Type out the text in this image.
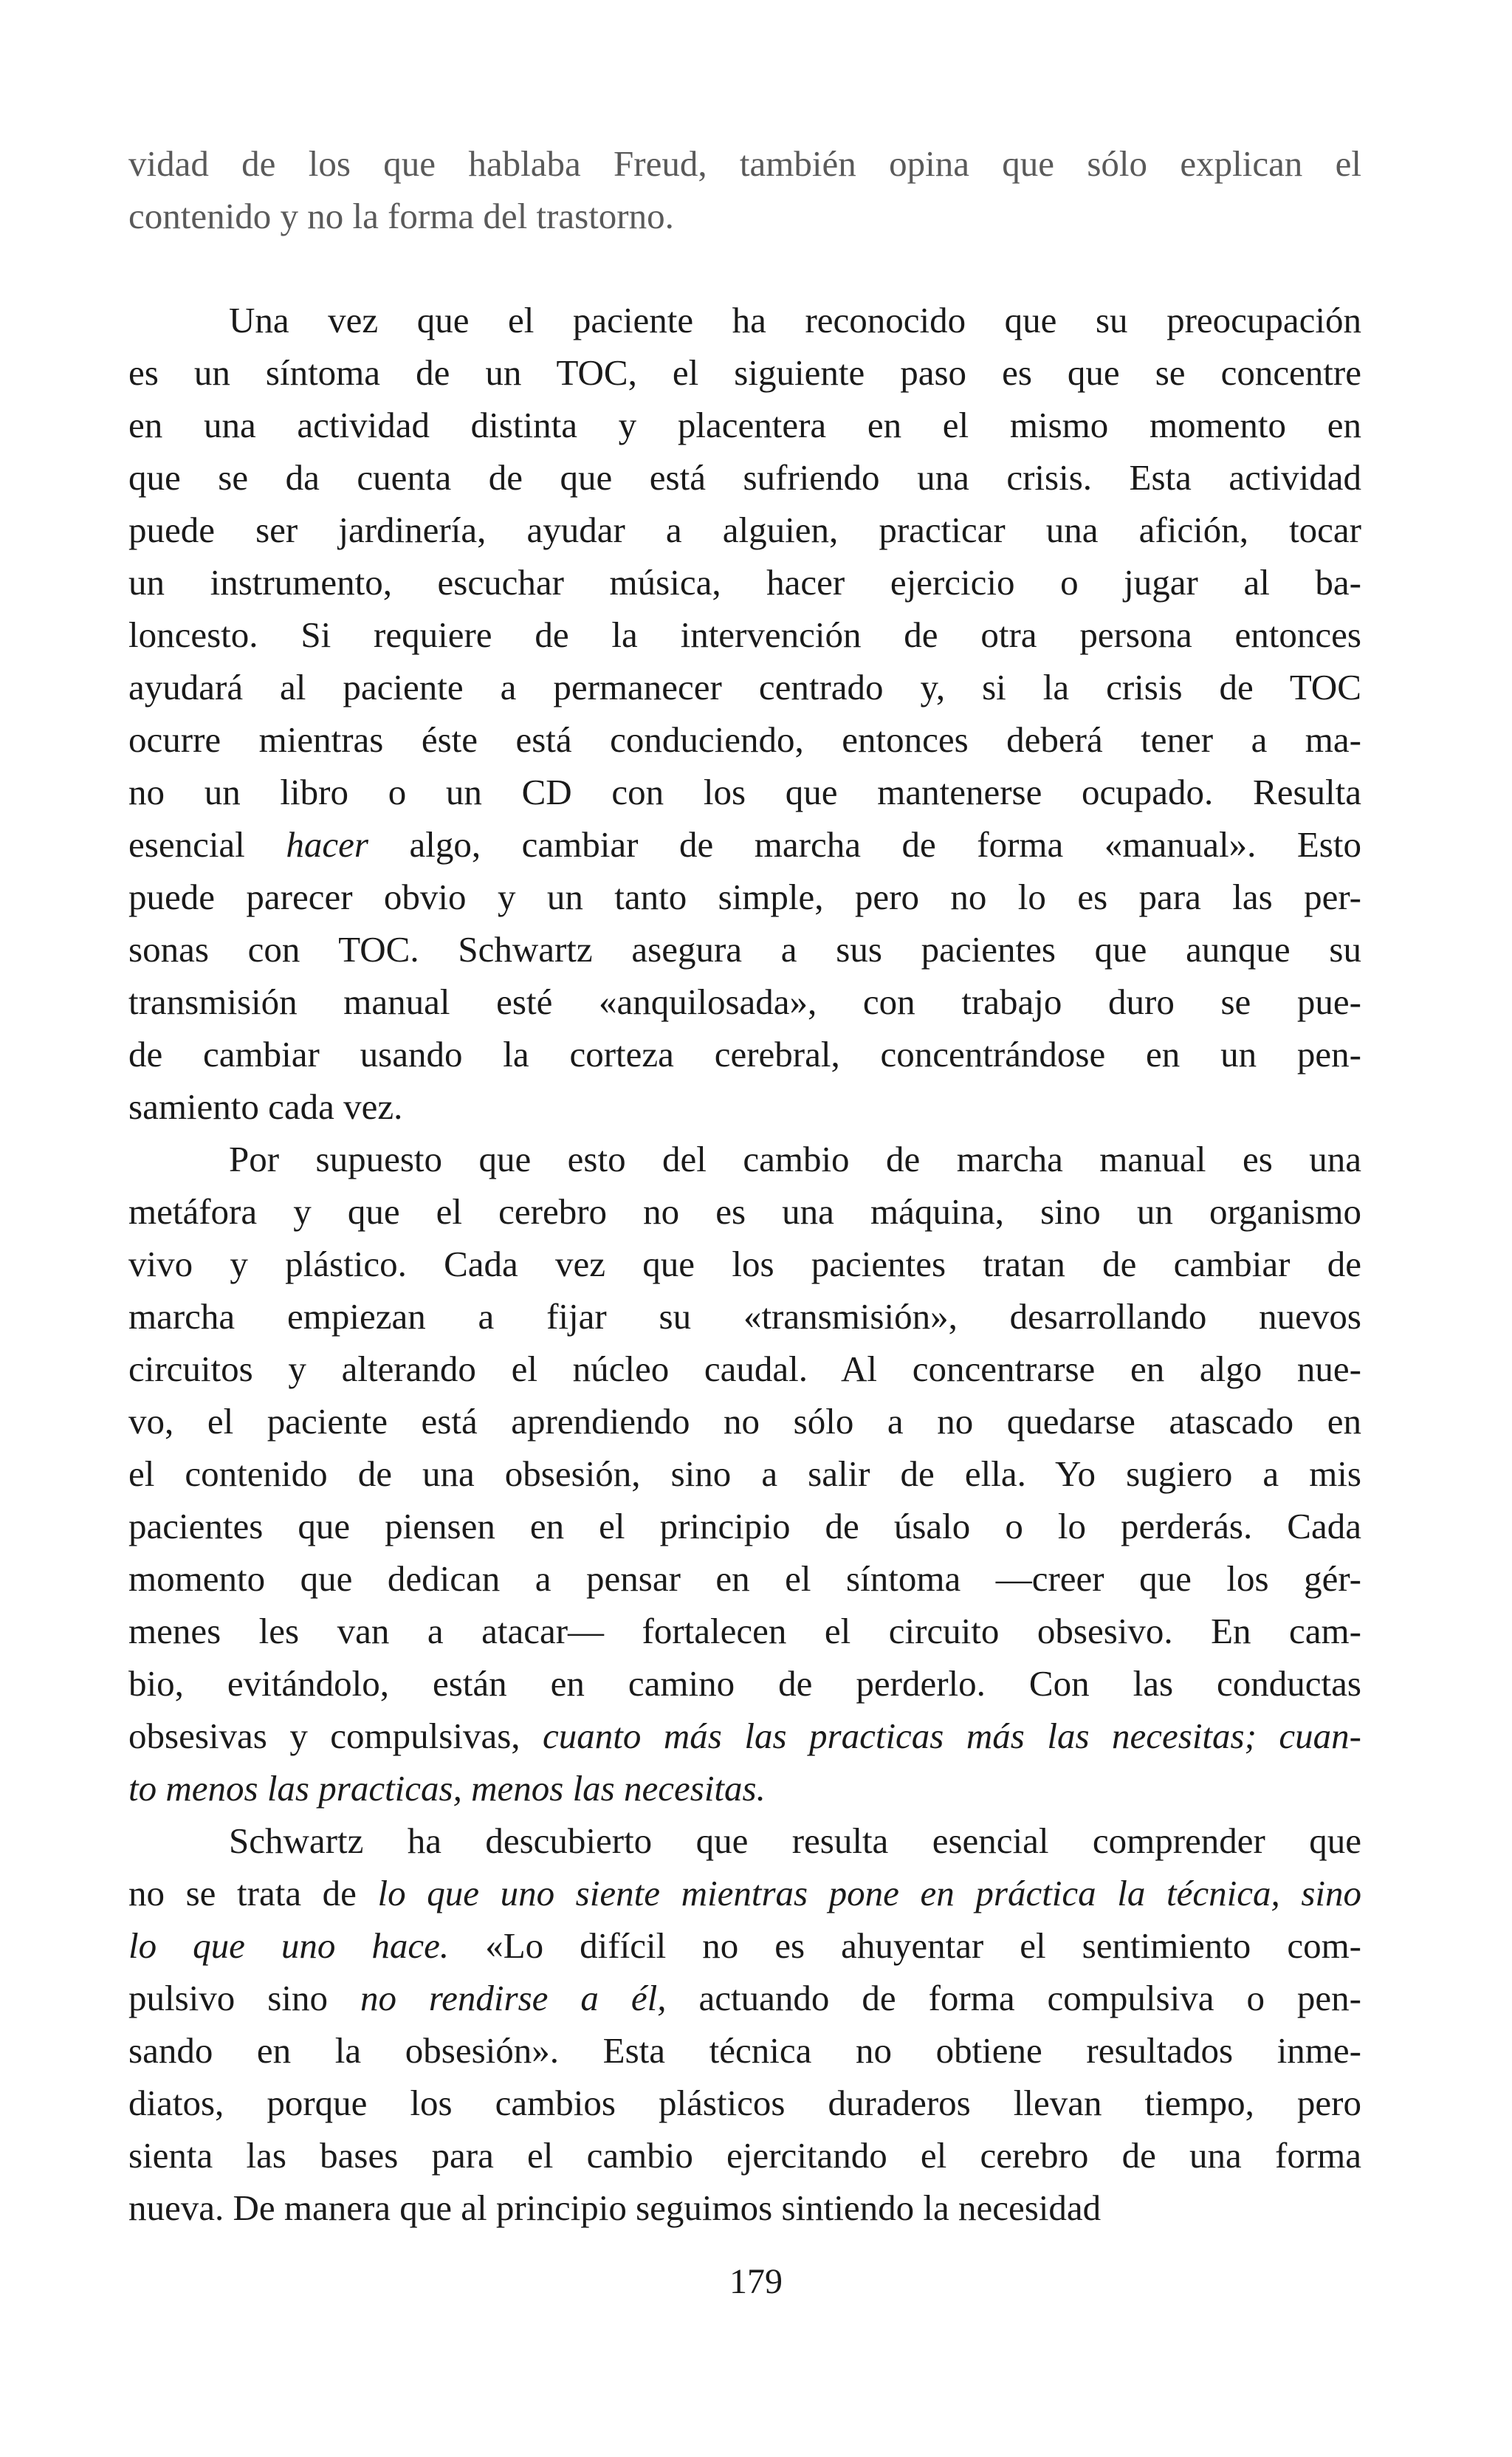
vidad de los que hablaba Freud, también opina que sólo explican el
contenido y no la forma del trastorno.
Una vez que el paciente ha reconocido que su preocupación
es un síntoma de un TOC, el siguiente paso es que se concentre
en una actividad distinta y placentera en el mismo momento en
que se da cuenta de que está sufriendo una crisis. Esta actividad
puede ser jardinería, ayudar a alguien, practicar una afición, tocar
un instrumento, escuchar música, hacer ejercicio o jugar al ba-
loncesto. Si requiere de la intervención de otra persona entonces
ayudará al paciente a permanecer centrado y, si la crisis de TOC
ocurre mientras éste está conduciendo, entonces deberá tener a ma-
no un libro o un CD con los que mantenerse ocupado. Resulta
esencial hacer algo, cambiar de marcha de forma «manual». Esto
puede parecer obvio y un tanto simple, pero no lo es para las per-
sonas con TOC. Schwartz asegura a sus pacientes que aunque su
transmisión manual esté «anquilosada», con trabajo duro se pue-
de cambiar usando la corteza cerebral, concentrándose en un pen-
samiento cada vez.
Por supuesto que esto del cambio de marcha manual es una
metáfora y que el cerebro no es una máquina, sino un organismo
vivo y plástico. Cada vez que los pacientes tratan de cambiar de
marcha empiezan a fijar su «transmisión», desarrollando nuevos
circuitos y alterando el núcleo caudal. Al concentrarse en algo nue-
vo, el paciente está aprendiendo no sólo a no quedarse atascado en
el contenido de una obsesión, sino a salir de ella. Yo sugiero a mis
pacientes que piensen en el principio de úsalo o lo perderás. Cada
momento que dedican a pensar en el síntoma —creer que los gér-
menes les van a atacar— fortalecen el circuito obsesivo. En cam-
bio, evitándolo, están en camino de perderlo. Con las conductas
obsesivas y compulsivas, cuanto más las practicas más las necesitas; cuan-
to menos las practicas, menos las necesitas.
Schwartz ha descubierto que resulta esencial comprender que
no se trata de lo que uno siente mientras pone en práctica la técnica, sino
lo que uno hace. «Lo difícil no es ahuyentar el sentimiento com-
pulsivo sino no rendirse a él, actuando de forma compulsiva o pen-
sando en la obsesión». Esta técnica no obtiene resultados inme-
diatos, porque los cambios plásticos duraderos llevan tiempo, pero
sienta las bases para el cambio ejercitando el cerebro de una forma
nueva. De manera que al principio seguimos sintiendo la necesidad
179
